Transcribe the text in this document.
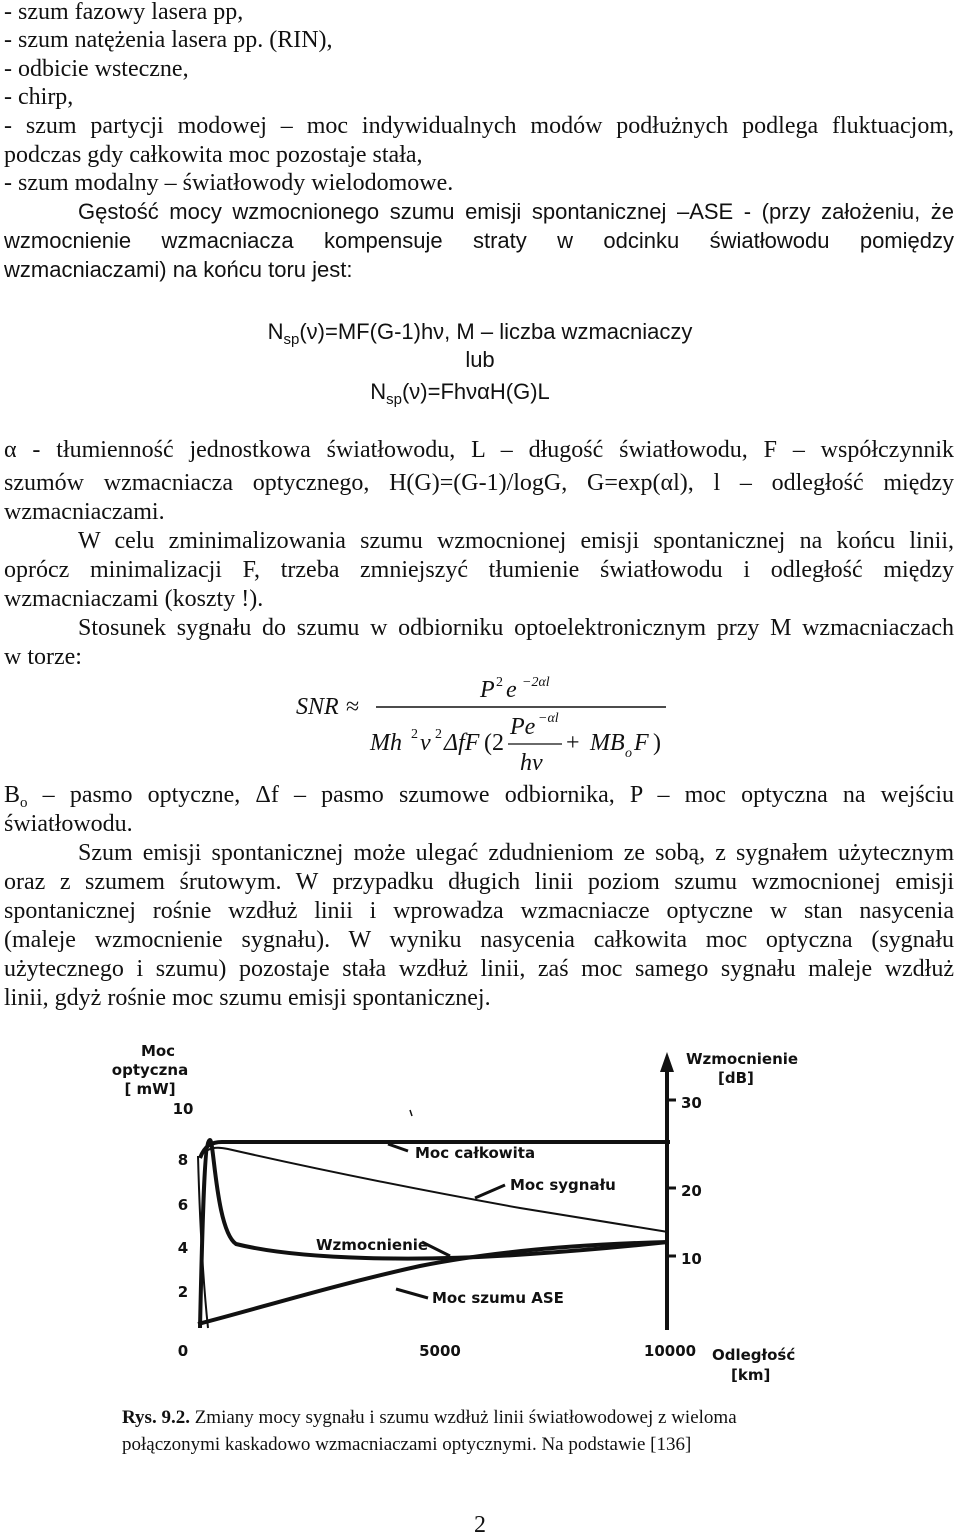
- szum fazowy lasera pp,
- szum natężenia lasera pp. (RIN),
- odbicie wsteczne,
- chirp,
- szum partycji modowej – moc indywidualnych modów podłużnych podlega fluktuacjom,
podczas gdy całkowita moc pozostaje stała,
- szum modalny – światłowody wielodomowe.
Gęstość mocy wzmocnionego szumu emisji spontanicznej –ASE - (przy założeniu, że
wzmocnienie wzmacniacza kompensuje straty w odcinku światłowodu pomiędzy
wzmacniaczami) na końcu toru jest:
$N_{sp}(\nu)=MF(G-1)h\nu$, M – liczba wzmacniaczy
lub
$N_{sp}(\nu)=Fh\nu\alpha H(G)L$
α - tłumienność jednostkowa światłowodu, L – długość światłowodu, F – współczynnik
szumów wzmacniacza optycznego, H(G)=(G-1)/logG, G=exp(αl), l – odległość między
wzmacniaczami.
W celu zminimalizowania szumu wzmocnionej emisji spontanicznej na końcu linii,
oprócz minimalizacji F, trzeba zmniejszyć tłumienie światłowodu i odległość między
wzmacniaczami (koszty !).
Stosunek sygnału do szumu w odbiorniku optoelektronicznym przy M wzmacniaczach
w torze:
SNR ≈
P 2 e −2αl
Mh 2 ν 2 ΔfF (2
Pe −αl
hν
+ MB o F )
$B_o$ – pasmo optyczne, Δf – pasmo szumowe odbiornika, P – moc optyczna na wejściu
światłowodu.
Szum emisji spontanicznej może ulegać zdudnieniom ze sobą, z sygnałem użytecznym
oraz z szumem śrutowym. W przypadku długich linii poziom szumu wzmocnionej emisji
spontanicznej rośnie wzdłuż linii i wprowadza wzmacniacze optyczne w stan nasycenia
(maleje wzmocnienie sygnału). W wyniku nasycenia całkowita moc optyczna (sygnału
użytecznego i szumu) pozostaje stała wzdłuż linii, zaś moc samego sygnału maleje wzdłuż
linii, gdyż rośnie moc szumu emisji spontanicznej.
Moc
optyczna
[ mW]
10
8
6
4
2
0
Wzmocnienie
[dB]
30
20
10
5000	10000 Odległość
[km]
Moc całkowita
Moc sygnału
Wzmocnienie
Moc szumu ASE
Rys. 9.2. Zmiany mocy sygnału i szumu wzdłuż linii światłowodowej z wieloma
połączonymi kaskadowo wzmacniaczami optycznymi. Na podstawie [136]
2
